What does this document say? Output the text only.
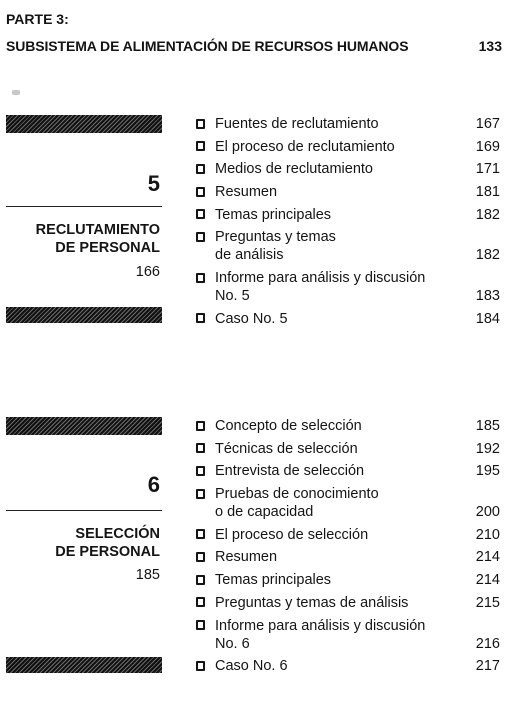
PARTE 3:
SUBSISTEMA DE ALIMENTACIÓN DE RECURSOS HUMANOS	133
5
RECLUTAMIENTO
DE PERSONAL
166
Fuentes de reclutamiento	167
El proceso de reclutamiento	169
Medios de reclutamiento	171
Resumen	181
Temas principales	182
Preguntas y temas
de análisis	182
Informe para análisis y discusión
No. 5	183
Caso No. 5	184
6
SELECCIÓN
DE PERSONAL
185
Concepto de selección	185
Técnicas de selección	192
Entrevista de selección	195
Pruebas de conocimiento
o de capacidad	200
El proceso de selección	210
Resumen	214
Temas principales	214
Preguntas y temas de análisis	215
Informe para análisis y discusión
No. 6	216
Caso No. 6	217
